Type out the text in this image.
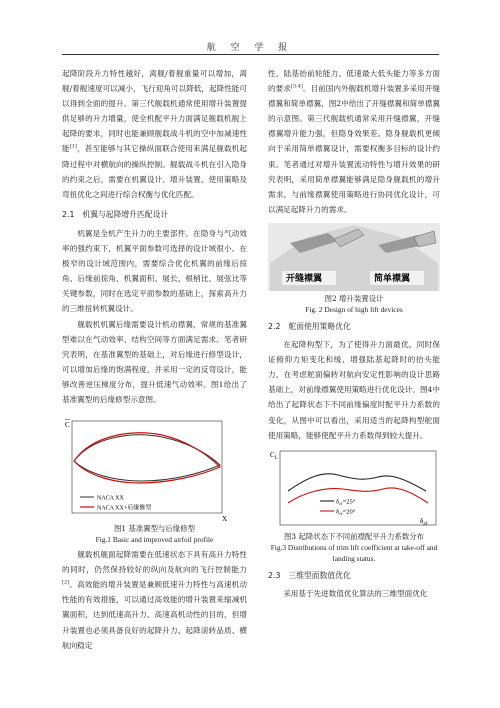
航 空 学 报

起降阶段升力特性越好，离舰/着舰重量可以增加，离舰/着舰速度可以减小，飞行迎角可以降低，起降性能可以得到全面的提升。第三代舰载机通常使用增升装置提供足够的升力增量，使全机配平升力面满足舰载机舰上起降的要求，同时也能兼顾舰载战斗机的空中加减速性能[1]，甚至能够与其它操纵面联合使用来满足舰载机起降过程中对横航向的操纵控制。舰载战斗机在引入隐身的约束之后，需要在机翼设计、增升装置、使用策略及弯扭优化之间进行综合权衡与优化匹配。

2.1 机翼与起降增升匹配设计

机翼是全机产生升力的主要部件。在隐身与气动效率的强约束下，机翼平面参数可选择的设计域很小。在极窄的设计域范围内，需要综合优化机翼的前缘后掠角、后缘前掠角、机翼面积、展长、根梢比、展弦比等关键参数，同时在选定平面参数的基础上，探索高升力的三维扭转机翼设计。

舰载机机翼后缘需要设计机动襟翼，常规的基准翼型难以在气动效率、结构空间等方面满足需求。笔者研究表明，在基准翼型的基础上，对后缘进行修型设计，可以增加后缘的饱满程度，并采用一定的反弯设计，能够改善逆压梯度分布，提升低速气动效率。图1给出了基准翼型的后缘修型示意图。

C
X
NACA XX
NACA XX+后缘修型
图1 基准翼型与后缘修型
Fig.1 Basic and improved airfoil profile

舰载机舰面起降需要在低速状态下具有高升力特性的同时，仍然保持较好的纵向及航向的飞行控制能力[2]。高效能的增升装置是兼顾低速升力特性与高速机动性能的有效措施，可以通过高效能的增升装置来缩减机翼面积，达到低速高升力、高速高机动性的目的，但增升装置也必须具备良好的起降升力、起降滚转品质、横航向稳定

性、陆基抬前轮能力、低速最大低头能力等多方面的要求[3-4]。目前国内外舰载机增升装置多采用开缝襟翼和简单襟翼，图2中给出了开缝襟翼和简单襟翼的示意图。第三代舰载机通常采用开缝襟翼，开缝襟翼增升能力强，但隐身效果差。隐身舰载机更倾向于采用简单襟翼设计，需要权衡多目标的设计约束。笔者通过对增升装置流动特性与增升效果的研究表明，采用简单襟翼能够满足隐身舰载机的增升需求，与前缘襟翼使用策略进行协同优化设计，可以满足起降升力的需求。

开缝襟翼	简单襟翼
图2 增升装置设计
Fig. 2 Design of high lift devices
2.2 舵面使用策略优化

在起降构型下，为了使得升力面最优，同时保证俯仰力矩变化和缓、增强陆基起降时的抬头能力，在考虑舵面偏转对航向安定性影响的设计思路基础上，对前缘襟翼使用策略进行优化设计。图4中给出了起降状态下不同前缘偏度时配平升力系数的变化，从图中可以看出，采用适当的起降构型舵面使用策略，能够使配平升力系数得到较大提升。

$C_L$
$\delta_{af}$
$\delta_{cf}=25^\circ$
$\delta_{cf}=20^\circ$
图3 起降状态下不同前襟配平升力系数分布
Fig.3 Distributions of trim lift coefficient at take-off and landing status.
2.3 三维型面数值优化

采用基于先进数值优化算法的三维型面优化
